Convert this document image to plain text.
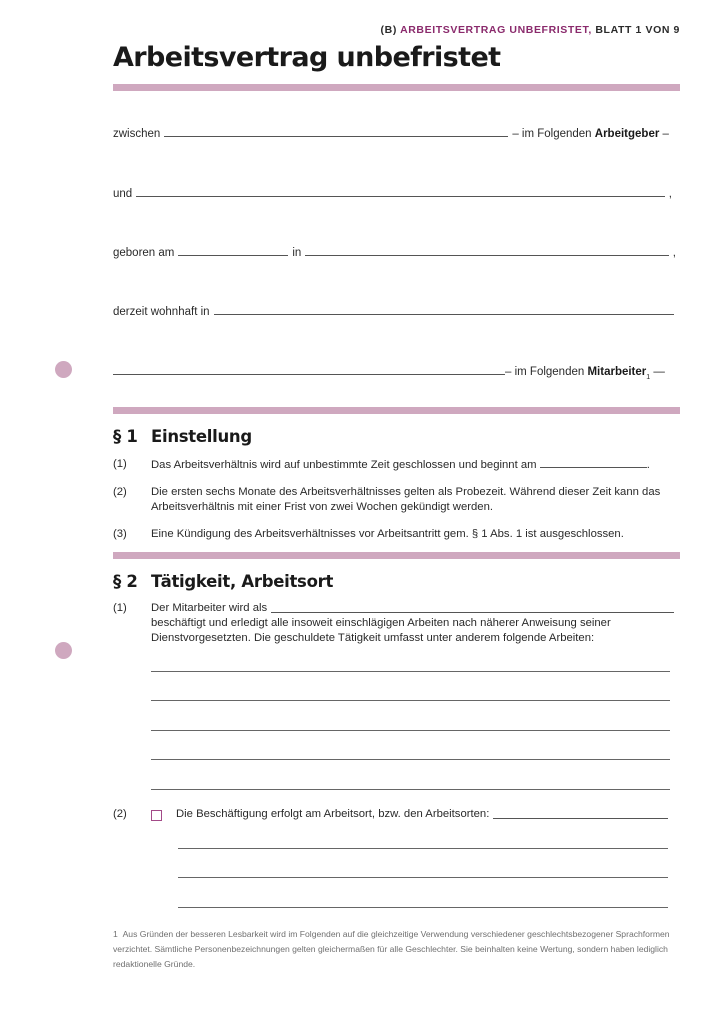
(B) ARBEITSVERTRAG UNBEFRISTET, BLATT 1 VON 9
Arbeitsvertrag unbefristet
zwischen	– im Folgenden Arbeitgeber –
und	,
geboren am	in	,
derzeit wohnhaft in
– im Folgenden Mitarbeiter 1 —
§ 1 Einstellung
(1) Das Arbeitsverhältnis wird auf unbestimmte Zeit geschlossen und beginnt am	.
(2) Die ersten sechs Monate des Arbeitsverhältnisses gelten als Probezeit. Während dieser Zeit kann das Arbeitsverhältnis mit einer Frist von zwei Wochen gekündigt werden.
(3) Eine Kündigung des Arbeitsverhältnisses vor Arbeitsantritt gem. § 1 Abs. 1 ist ausgeschlossen.
§ 2 Tätigkeit, Arbeitsort
(1) Der Mitarbeiter wird als
beschäftigt und erledigt alle insoweit einschlägigen Arbeiten nach näherer Anweisung seiner Dienstvorgesetzten. Die geschuldete Tätigkeit umfasst unter anderem folgende Arbeiten:
(2)	Die Beschäftigung erfolgt am Arbeitsort, bzw. den Arbeitsorten:
1 Aus Gründen der besseren Lesbarkeit wird im Folgenden auf die gleichzeitige Verwendung verschiedener geschlechtsbezogener Sprachformen verzichtet. Sämtliche Personenbezeichnungen gelten gleichermaßen für alle Geschlechter. Sie beinhalten keine Wertung, sondern haben lediglich redaktionelle Gründe.
